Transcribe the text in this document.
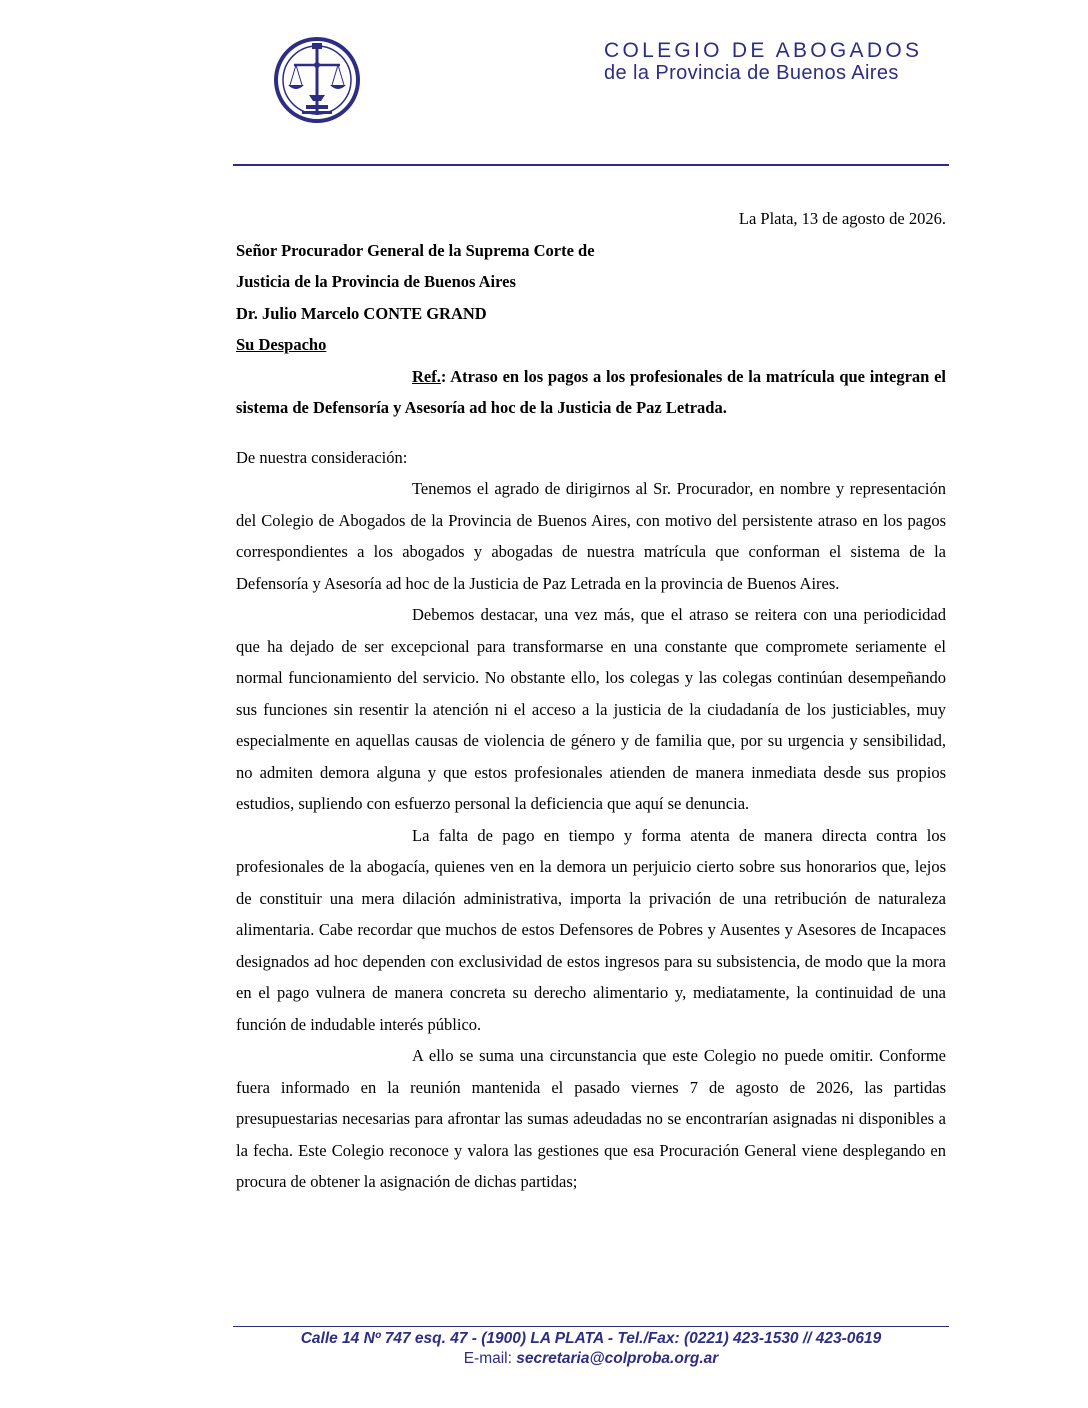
COLEGIO DE ABOGADOS
de la Provincia de Buenos Aires
La Plata, 13 de agosto de 2026.
Señor Procurador General de la Suprema Corte de
Justicia de la Provincia de Buenos Aires
Dr. Julio Marcelo CONTE GRAND
Su Despacho
Ref.: Atraso en los pagos a los profesionales de la matrícula que integran el sistema de Defensoría y Asesoría ad hoc de la Justicia de Paz Letrada.
De nuestra consideración:

Tenemos el agrado de dirigirnos al Sr. Procurador, en nombre y representación del Colegio de Abogados de la Provincia de Buenos Aires, con motivo del persistente atraso en los pagos correspondientes a los abogados y abogadas de nuestra matrícula que conforman el sistema de la Defensoría y Asesoría ad hoc de la Justicia de Paz Letrada en la provincia de Buenos Aires.

Debemos destacar, una vez más, que el atraso se reitera con una periodicidad que ha dejado de ser excepcional para transformarse en una constante que compromete seriamente el normal funcionamiento del servicio. No obstante ello, los colegas y las colegas continúan desempeñando sus funciones sin resentir la atención ni el acceso a la justicia de la ciudadanía de los justiciables, muy especialmente en aquellas causas de violencia de género y de familia que, por su urgencia y sensibilidad, no admiten demora alguna y que estos profesionales atienden de manera inmediata desde sus propios estudios, supliendo con esfuerzo personal la deficiencia que aquí se denuncia.

La falta de pago en tiempo y forma atenta de manera directa contra los profesionales de la abogacía, quienes ven en la demora un perjuicio cierto sobre sus honorarios que, lejos de constituir una mera dilación administrativa, importa la privación de una retribución de naturaleza alimentaria. Cabe recordar que muchos de estos Defensores de Pobres y Ausentes y Asesores de Incapaces designados ad hoc dependen con exclusividad de estos ingresos para su subsistencia, de modo que la mora en el pago vulnera de manera concreta su derecho alimentario y, mediatamente, la continuidad de una función de indudable interés público.

A ello se suma una circunstancia que este Colegio no puede omitir. Conforme fuera informado en la reunión mantenida el pasado viernes 7 de agosto de 2026, las partidas presupuestarias necesarias para afrontar las sumas adeudadas no se encontrarían asignadas ni disponibles a la fecha. Este Colegio reconoce y valora las gestiones que esa Procuración General viene desplegando en procura de obtener la asignación de dichas partidas;

Calle 14 Nº 747 esq. 47 - (1900) LA PLATA - Tel./Fax: (0221) 423-1530 // 423-0619
E-mail: secretaria@colproba.org.ar
